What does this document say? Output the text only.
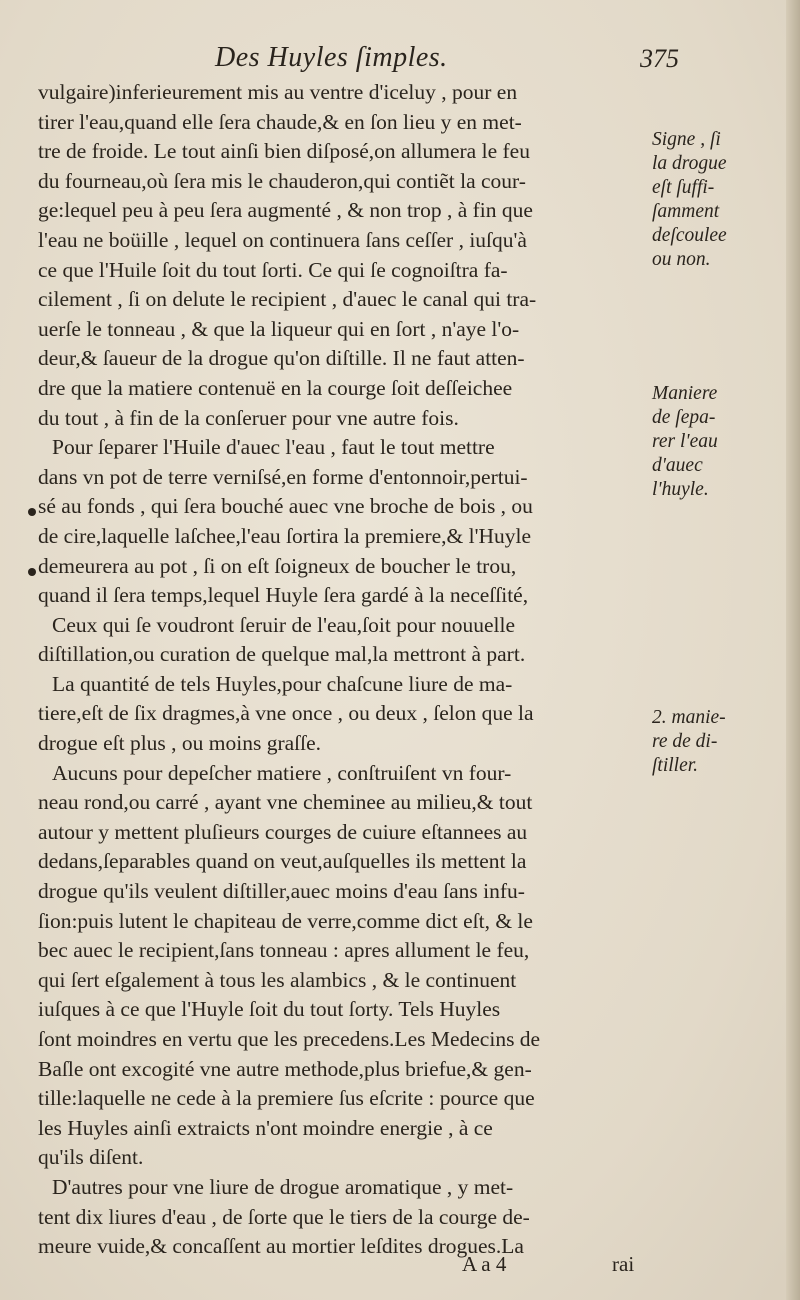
Des Huyles ſimples.	375
vulgaire)inferieurement mis au ventre d'iceluy , pour en
tirer l'eau,quand elle ſera chaude,& en ſon lieu y en met-
tre de froide. Le tout ainſi bien diſposé,on allumera le feu
du fourneau,où ſera mis le chauderon,qui contiẽt la cour-
ge:lequel peu à peu ſera augmenté , & non trop , à fin que
l'eau ne boüille , lequel on continuera ſans ceſſer , iuſqu'à
ce que l'Huile ſoit du tout ſorti. Ce qui ſe cognoiſtra fa-
cilement , ſi on delute le recipient , d'auec le canal qui tra-
uerſe le tonneau , & que la liqueur qui en ſort , n'aye l'o-
deur,& ſaueur de la drogue qu'on diſtille. Il ne faut atten-
dre que la matiere contenuë en la courge ſoit deſſeichee
du tout , à fin de la conſeruer pour vne autre fois.
Pour ſeparer l'Huile d'auec l'eau , faut le tout mettre
dans vn pot de terre verniſsé,en forme d'entonnoir,pertui-
sé au fonds , qui ſera bouché auec vne broche de bois , ou
de cire,laquelle laſchee,l'eau ſortira la premiere,& l'Huyle
demeurera au pot , ſi on eſt ſoigneux de boucher le trou,
quand il ſera temps,lequel Huyle ſera gardé à la neceſſité,
Ceux qui ſe voudront ſeruir de l'eau,ſoit pour nouuelle
diſtillation,ou curation de quelque mal,la mettront à part.
La quantité de tels Huyles,pour chaſcune liure de ma-
tiere,eſt de ſix dragmes,à vne once , ou deux , ſelon que la
drogue eſt plus , ou moins graſſe.
Aucuns pour depeſcher matiere , conſtruiſent vn four-
neau rond,ou carré , ayant vne cheminee au milieu,& tout
autour y mettent pluſieurs courges de cuiure eſtannees au
dedans,ſeparables quand on veut,auſquelles ils mettent la
drogue qu'ils veulent diſtiller,auec moins d'eau ſans infu-
ſion:puis lutent le chapiteau de verre,comme dict eſt, & le
bec auec le recipient,ſans tonneau : apres allument le feu,
qui ſert eſgalement à tous les alambics , & le continuent
iuſques à ce que l'Huyle ſoit du tout ſorty. Tels Huyles
ſont moindres en vertu que les precedens.Les Medecins de
Baſle ont excogité vne autre methode,plus briefue,& gen-
tille:laquelle ne cede à la premiere ſus eſcrite : pource que
les Huyles ainſi extraicts n'ont moindre energie , à ce
qu'ils diſent.
D'autres pour vne liure de drogue aromatique , y met-
tent dix liures d'eau , de ſorte que le tiers de la courge de-
meure vuide,& concaſſent au mortier leſdites drogues.La
Signe , ſi
la drogue
eſt ſuffi-
ſamment
deſcoulee
ou non.
Maniere
de ſepa-
rer l'eau
d'auec
l'huyle.
2. manie-
re de di-
ſtiller.
A a 4	rai
